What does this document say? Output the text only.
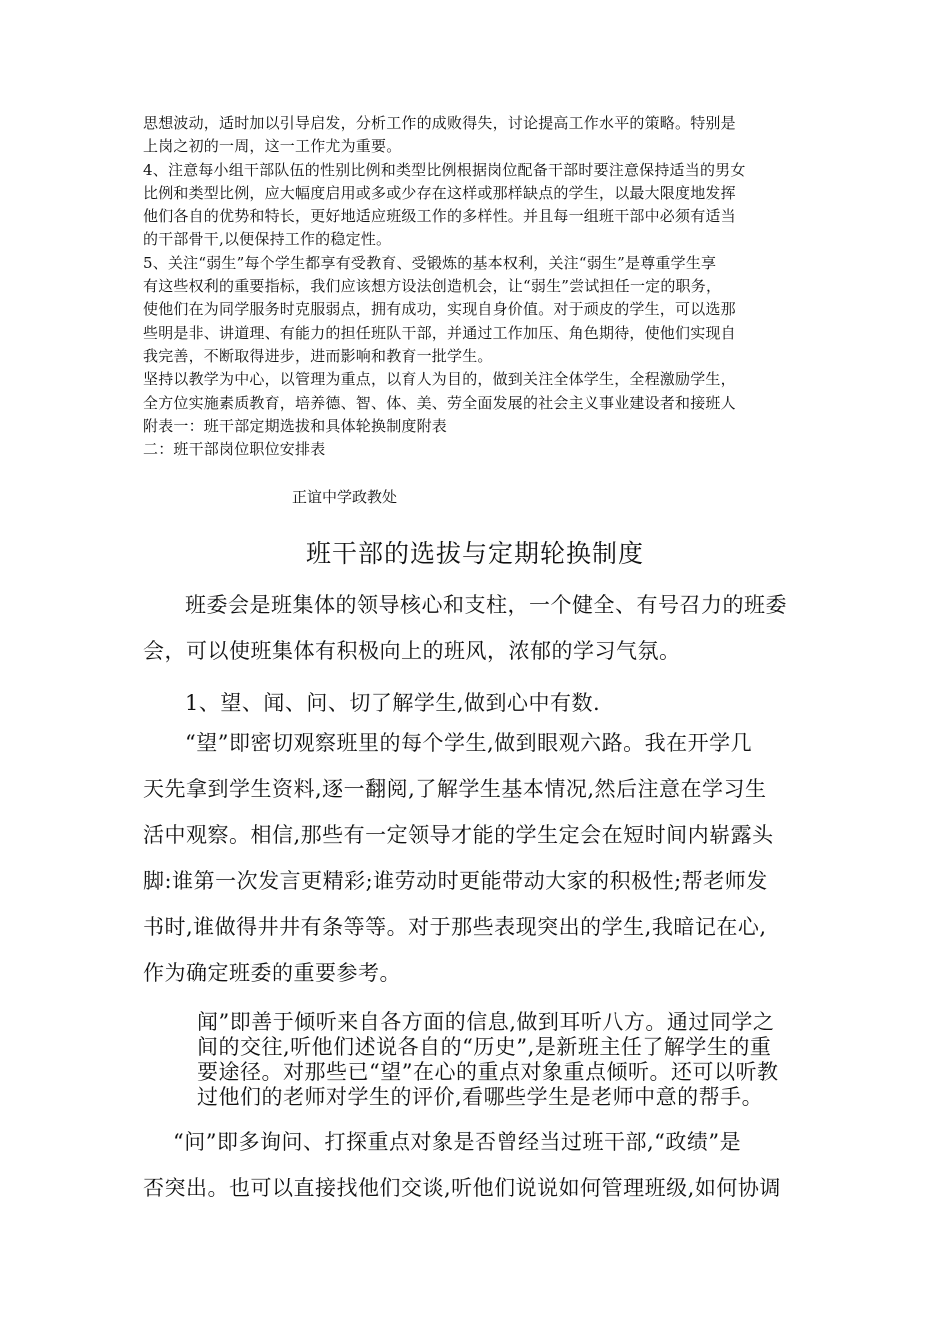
思想波动，适时加以引导启发，分析工作的成败得失，讨论提高工作水平的策略。特别是

上岗之初的一周，这一工作尤为重要。

4、注意每小组干部队伍的性别比例和类型比例根据岗位配备干部时要注意保持适当的男女

比例和类型比例，应大幅度启用或多或少存在这样或那样缺点的学生，以最大限度地发挥

他们各自的优势和特长，更好地适应班级工作的多样性。并且每一组班干部中必须有适当

的干部骨干,以便保持工作的稳定性。

5、关注“弱生”每个学生都享有受教育、受锻炼的基本权利，关注“弱生”是尊重学生享

有这些权利的重要指标，我们应该想方设法创造机会，让“弱生”尝试担任一定的职务，

使他们在为同学服务时克服弱点，拥有成功，实现自身价值。对于顽皮的学生，可以选那

些明是非、讲道理、有能力的担任班队干部，并通过工作加压、角色期待，使他们实现自

我完善，不断取得进步，进而影响和教育一批学生。

坚持以教学为中心，以管理为重点，以育人为目的，做到关注全体学生，全程激励学生，

全方位实施素质教育，培养德、智、体、美、劳全面发展的社会主义事业建设者和接班人

附表一：班干部定期选拔和具体轮换制度附表

二：班干部岗位职位安排表

正谊中学政教处
班干部的选拔与定期轮换制度

班委会是班集体的领导核心和支柱，一个健全、有号召力的班委

会，可以使班集体有积极向上的班风，浓郁的学习气氛。

1、望、闻、问、切了解学生,做到心中有数.

“望”即密切观察班里的每个学生,做到眼观六路。我在开学几

天先拿到学生资料,逐一翻阅,了解学生基本情况,然后注意在学习生

活中观察。相信,那些有一定领导才能的学生定会在短时间内崭露头

脚:谁第一次发言更精彩;谁劳动时更能带动大家的积极性;帮老师发

书时,谁做得井井有条等等。对于那些表现突出的学生,我暗记在心,

作为确定班委的重要参考。

闻”即善于倾听来自各方面的信息,做到耳听八方。通过同学之

间的交往,听他们述说各自的“历史”,是新班主任了解学生的重

要途径。对那些已“望”在心的重点对象重点倾听。还可以听教

过他们的老师对学生的评价,看哪些学生是老师中意的帮手。

“问”即多询问、打探重点对象是否曾经当过班干部,“政绩”是

否突出。也可以直接找他们交谈,听他们说说如何管理班级,如何协调
